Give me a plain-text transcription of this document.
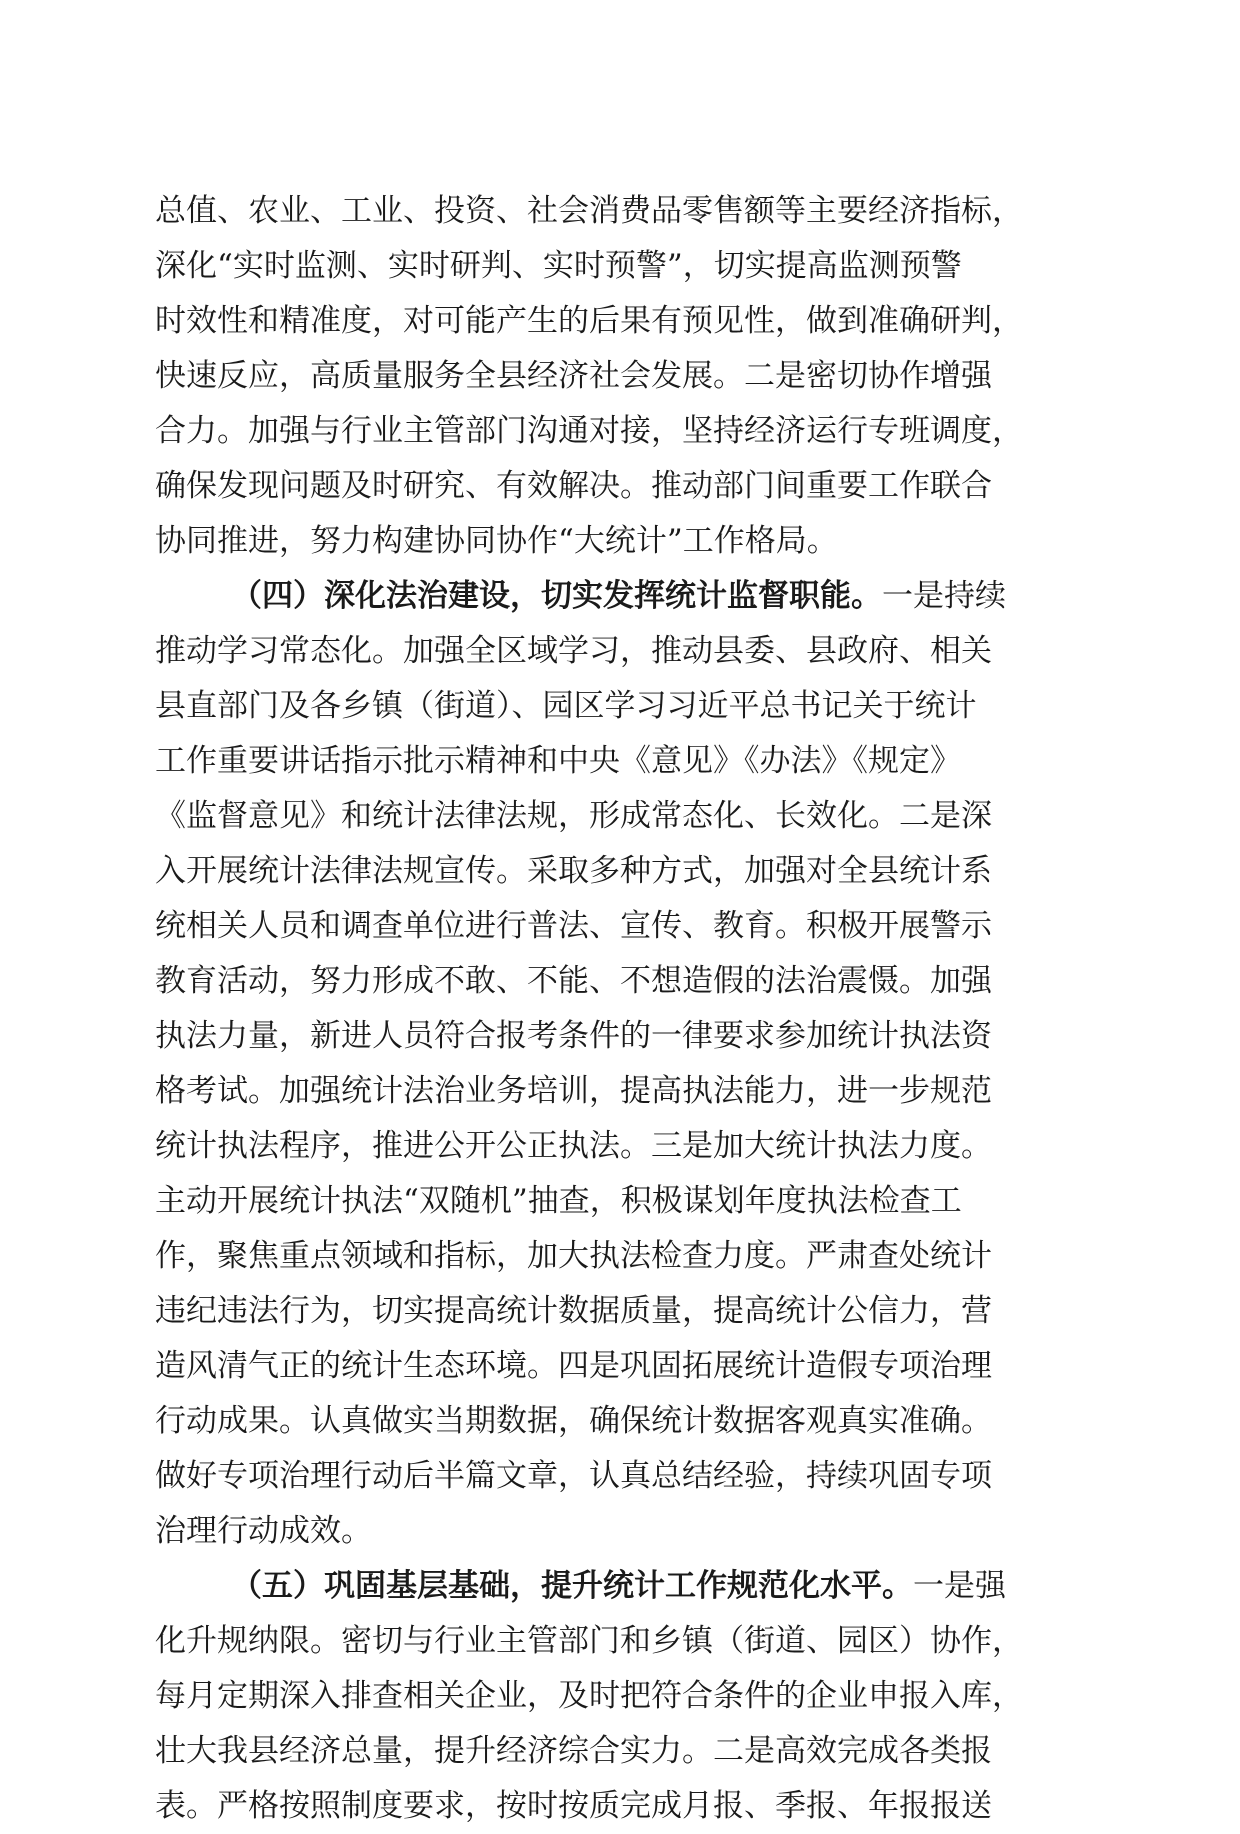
总值、农业、工业、投资、社会消费品零售额等主要经济指标，
深化“实时监测、实时研判、实时预警”，切实提高监测预警
时效性和精准度，对可能产生的后果有预见性，做到准确研判，
快速反应，高质量服务全县经济社会发展。二是密切协作增强
合力。加强与行业主管部门沟通对接，坚持经济运行专班调度，
确保发现问题及时研究、有效解决。推动部门间重要工作联合
协同推进，努力构建协同协作“大统计”工作格局。
（四）深化法治建设，切实发挥统计监督职能。一是持续
推动学习常态化。加强全区域学习，推动县委、县政府、相关
县直部门及各乡镇（街道）、园区学习习近平总书记关于统计
工作重要讲话指示批示精神和中央《意见》《办法》《规定》
《监督意见》和统计法律法规，形成常态化、长效化。二是深
入开展统计法律法规宣传。采取多种方式，加强对全县统计系
统相关人员和调查单位进行普法、宣传、教育。积极开展警示
教育活动，努力形成不敢、不能、不想造假的法治震慑。加强
执法力量，新进人员符合报考条件的一律要求参加统计执法资
格考试。加强统计法治业务培训，提高执法能力，进一步规范
统计执法程序，推进公开公正执法。三是加大统计执法力度。
主动开展统计执法“双随机”抽查，积极谋划年度执法检查工
作，聚焦重点领域和指标，加大执法检查力度。严肃查处统计
违纪违法行为，切实提高统计数据质量，提高统计公信力，营
造风清气正的统计生态环境。四是巩固拓展统计造假专项治理
行动成果。认真做实当期数据，确保统计数据客观真实准确。
做好专项治理行动后半篇文章，认真总结经验，持续巩固专项
治理行动成效。
（五）巩固基层基础，提升统计工作规范化水平。一是强
化升规纳限。密切与行业主管部门和乡镇（街道、园区）协作，
每月定期深入排查相关企业，及时把符合条件的企业申报入库，
壮大我县经济总量，提升经济综合实力。二是高效完成各类报
表。严格按照制度要求，按时按质完成月报、季报、年报报送
